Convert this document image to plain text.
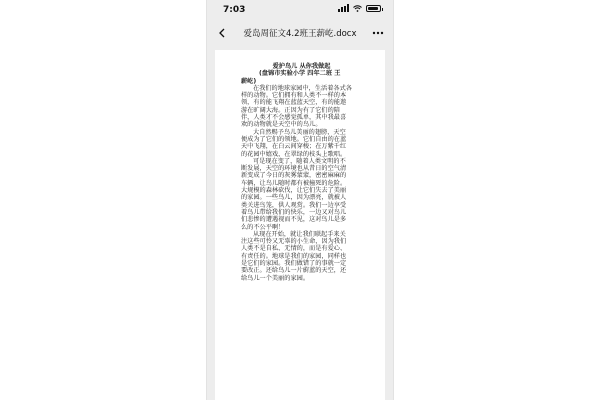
7:03
爱岛周征文4.2班王薪屹.docx
爱护鸟儿 从你我做起
(盘锦市实验小学 四年二班 王
薪屹)
在我们的地球家园中，生活着各式各
样的动物。它们拥有和人类不一样的本
领，有的能飞翔在蓝蓝天空，有的能遨
游在旷阔大海。正因为有了它们的陪
伴，人类才不会感觉孤单，其中我最喜
欢的动物就是天空中的鸟儿。
大自然赐予鸟儿美丽的翅膀，天空
便成为了它们的领地。它们自由的在蓝
天中飞翔，在白云间穿梭；在万紫千红
的花园中嬉戏，在翠绿的枝头上歌唱。
可是现在变了，随着人类文明的不
断发展，天空的环境也从昔日的空气清
新变成了今日的灰雾蒙蒙，密密麻麻的
车辆，让鸟儿随时都有被撞死的危险。
大规模的森林砍伐，让它们失去了美丽
的家园。一些鸟儿，因为漂亮，就被人
类关进鸟笼，供人观赏。我们一边享受
着鸟儿带给我们的快乐，一边又对鸟儿
们悲惨的遭遇视而不见，这对鸟儿是多
么的不公平啊！
从现在开始，就让我们联起手来关
注这些可怜又无辜的小生命，因为我们
人类不是自私、无情的，而是有爱心、
有责任的。地球是我们的家园，同样也
是它们的家园。我们做错了的事就一定
要改正。还给鸟儿一片蔚蓝的天空，还
给鸟儿一个美丽的家园。
